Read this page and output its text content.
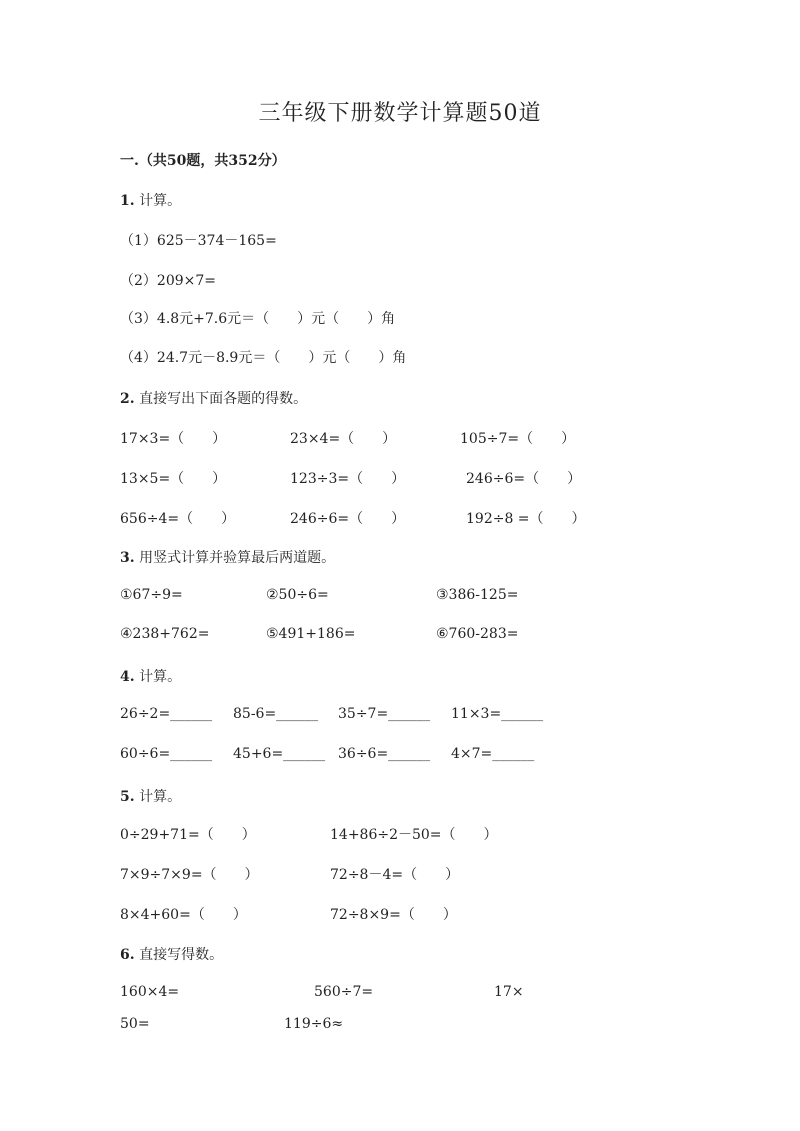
三年级下册数学计算题50道
一.（共50题，共352分）
1. 计算。
（1）625－374－165=
（2）209×7=
（3）4.8元+7.6元＝（　　）元（　　）角
（4）24.7元－8.9元＝（　　）元（　　）角
2. 直接写出下面各题的得数。
17×3=（　　）	23×4=（　　）	105÷7=（　　）
13×5=（　　）	123÷3=（　　）	246÷6=（　　）
656÷4=（　　）	246÷6=（　　）	192÷8 =（　　）
3. 用竖式计算并验算最后两道题。
①67÷9=	②50÷6=	③386-125=
④238+762=	⑤491+186=	⑥760-283=
4. 计算。
26÷2=______ 85-6=______ 35÷7=______ 11×3=______
60÷6=______ 45+6=______ 36÷6=______ 4×7=______
5. 计算。
0÷29+71=（　　）	14+86÷2－50=（　　）
7×9÷7×9=（　　）	72÷8－4=（　　）
8×4+60=（　　）	72÷8×9=（　　）
6. 直接写得数。
160×4=	560÷7=	17×
50=	119÷6≈
